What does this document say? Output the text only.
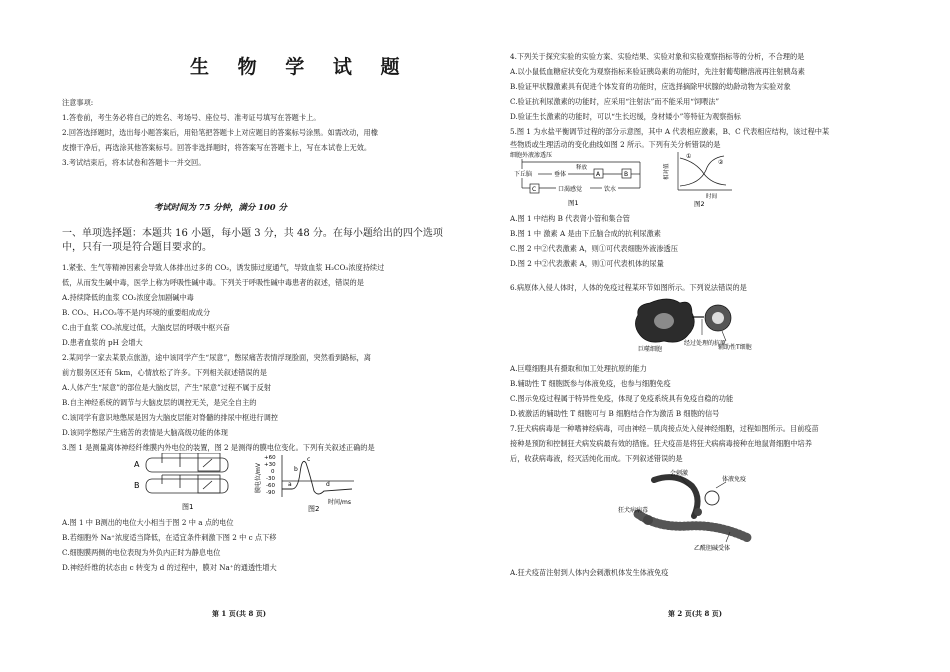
生 物 学 试 题
注意事项:
1.答卷前，考生务必将自己的姓名、考场号、座位号、准考证号填写在答题卡上。
2.回答选择题时，选出每小题答案后，用铅笔把答题卡上对应题目的答案标号涂黑。如需改动，用橡
皮擦干净后，再选涂其他答案标号。回答非选择题时，将答案写在答题卡上，写在本试卷上无效。
3.考试结束后，将本试卷和答题卡一并交回。
考试时间为 75 分钟，满分 100 分
一、单项选择题：本题共 16 小题，每小题 3 分，共 48 分。在每小题给出的四个选项
中，只有一项是符合题目要求的。
1.紧张、生气等精神因素会导致人体排出过多的 CO₂，诱发肺过度通气，导致血浆 H₂CO₃浓度持续过
低，从而发生碱中毒，医学上称为呼吸性碱中毒。下列关于呼吸性碱中毒患者的叙述，错误的是
A.持续降低的血浆 CO₂浓度会加剧碱中毒
B. CO₂、H₂CO₃等不是内环境的重要组成成分
C.由于血浆 CO₂浓度过低，大脑皮层的呼吸中枢兴奋
D.患者血浆的 pH 会增大
2.某同学一家去某景点旅游，途中该同学产生“尿意”，憋尿痛苦表情浮现脸面，突然看到路标，离
前方服务区还有 5km，心情放松了许多。下列相关叙述错误的是
A.人体产生“尿意”的部位是大脑皮层，产生“尿意”过程不属于反射
B.自主神经系统的调节与大脑皮层的调控无关，是完全自主的
C.该同学有意识地憋尿是因为大脑皮层能对脊髓的排尿中枢进行调控
D.该同学憋尿产生痛苦的表情是大脑高级功能的体现
3.图 1 是测量离体神经纤维膜内外电位的装置，图 2 是测得的膜电位变化。下列有关叙述正确的是
A
B
图1
+60
+30
0
-30
-60
-90
膜电位/mV	a
b
c
d
时间/ms
图2
A.图 1 中 B测出的电位大小相当于图 2 中 a 点的电位
B.若细胞外 Na⁺浓度适当降低，在适宜条件刺激下图 2 中 c 点下移
C.细胞膜两侧的电位表现为外负内正时为静息电位
D.神经纤维的状态由 c 转变为 d 的过程中，膜对 Na⁺的通透性增大
第 1 页(共 8 页)
4.下列关于探究实验的实验方案、实验结果、实验对象和实验观察指标等的分析，不合理的是
A.以小鼠低血糖症状变化为观察指标来验证胰岛素的功能时，先注射葡萄糖溶液再注射胰岛素
B.验证甲状腺激素具有促进个体发育的功能时，应选择摘除甲状腺的幼龄动物为实验对象
C.验证抗利尿激素的功能时，应采用“注射法”而不能采用“饲喂法”
D.验证生长激素的功能时，可以“生长迟缓，身材矮小”等特征为观察指标
5.图 1 为水盐平衡调节过程的部分示意图，其中 A 代表相应激素，B、C 代表相应结构，该过程中某
些物质或生理活动的变化曲线如图 2 所示。下列有关分析错误的是
细胞外液渗透压
下丘脑	垂体
释放
A	B
C	口渴感觉	饮水
图1
相对值
①
②
时间
图2
A.图 1 中结构 B 代表肾小管和集合管
B.图 1 中 激素 A 是由下丘脑合成的抗利尿激素
C.图 2 中②代表激素 A，则①可代表细胞外液渗透压
D.图 2 中②代表激素 A，则①可代表机体的尿量
6.病原体入侵人体时，人体的免疫过程某环节如图所示。下列说法错误的是
巨噬细胞
经过处理的抗原
辅助性T细胞
A.巨噬细胞具有摄取和加工处理抗原的能力
B.辅助性 T 细胞既参与体液免疫，也参与细胞免疫
C.图示免疫过程属于特异性免疫，体现了免疫系统具有免疫自稳的功能
D.被激活的辅助性 T 细胞可与 B 细胞结合作为激活 B 细胞的信号
7.狂犬病病毒是一种嗜神经病毒，可由神经－肌肉接点处入侵神经细胞，过程如图所示。目前疫苗
接种是预防和控制狂犬病发病最有效的措施。狂犬疫苗是将狂犬病病毒接种在地鼠肾细胞中培养
后，收获病毒液，经灭活纯化而成。下列叙述错误的是
会刺激
体液免疫
狂犬病病毒
乙酰胆碱受体
A.狂犬疫苗注射到人体内会刺激机体发生体液免疫
第 2 页(共 8 页)
